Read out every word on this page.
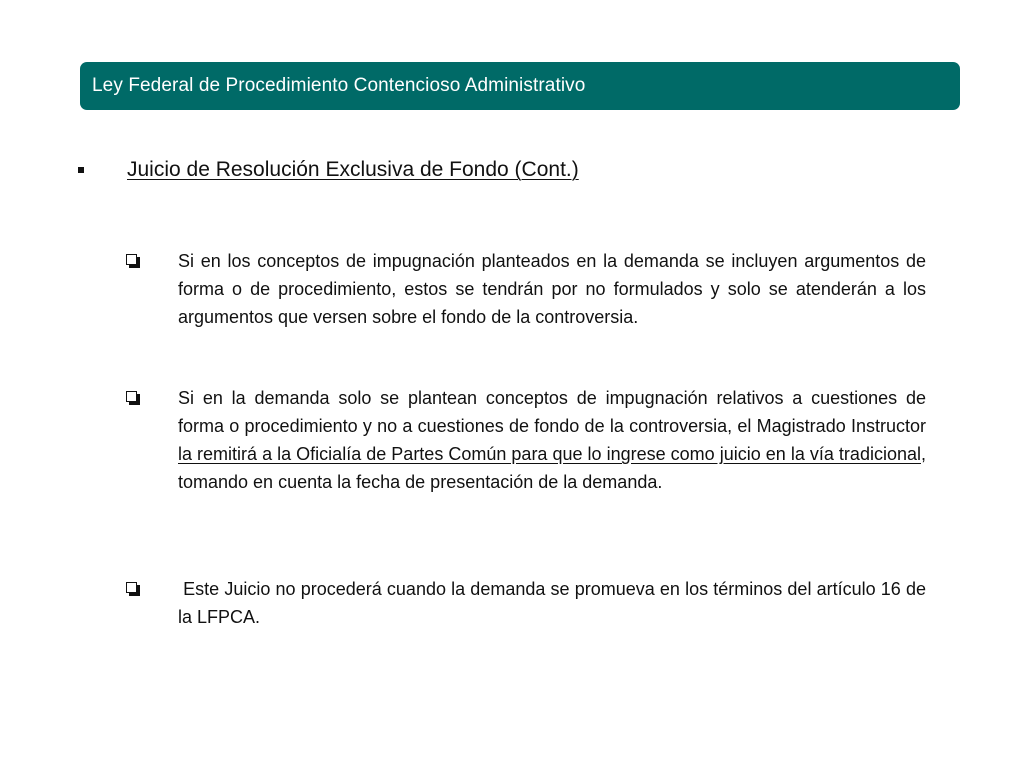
Ley Federal de Procedimiento Contencioso Administrativo
Juicio de Resolución Exclusiva de Fondo (Cont.)
Si en los conceptos de impugnación planteados en la demanda se incluyen argumentos de forma o de procedimiento, estos se tendrán por no formulados y solo se atenderán a los argumentos que versen sobre el fondo de la controversia.
Si en la demanda solo se plantean conceptos de impugnación relativos a cuestiones de forma o procedimiento y no a cuestiones de fondo de la controversia, el Magistrado Instructor la remitirá a la Oficialía de Partes Común para que lo ingrese como juicio en la vía tradicional, tomando en cuenta la fecha de presentación de la demanda.
Este Juicio no procederá cuando la demanda se promueva en los términos del artículo 16 de la LFPCA.
